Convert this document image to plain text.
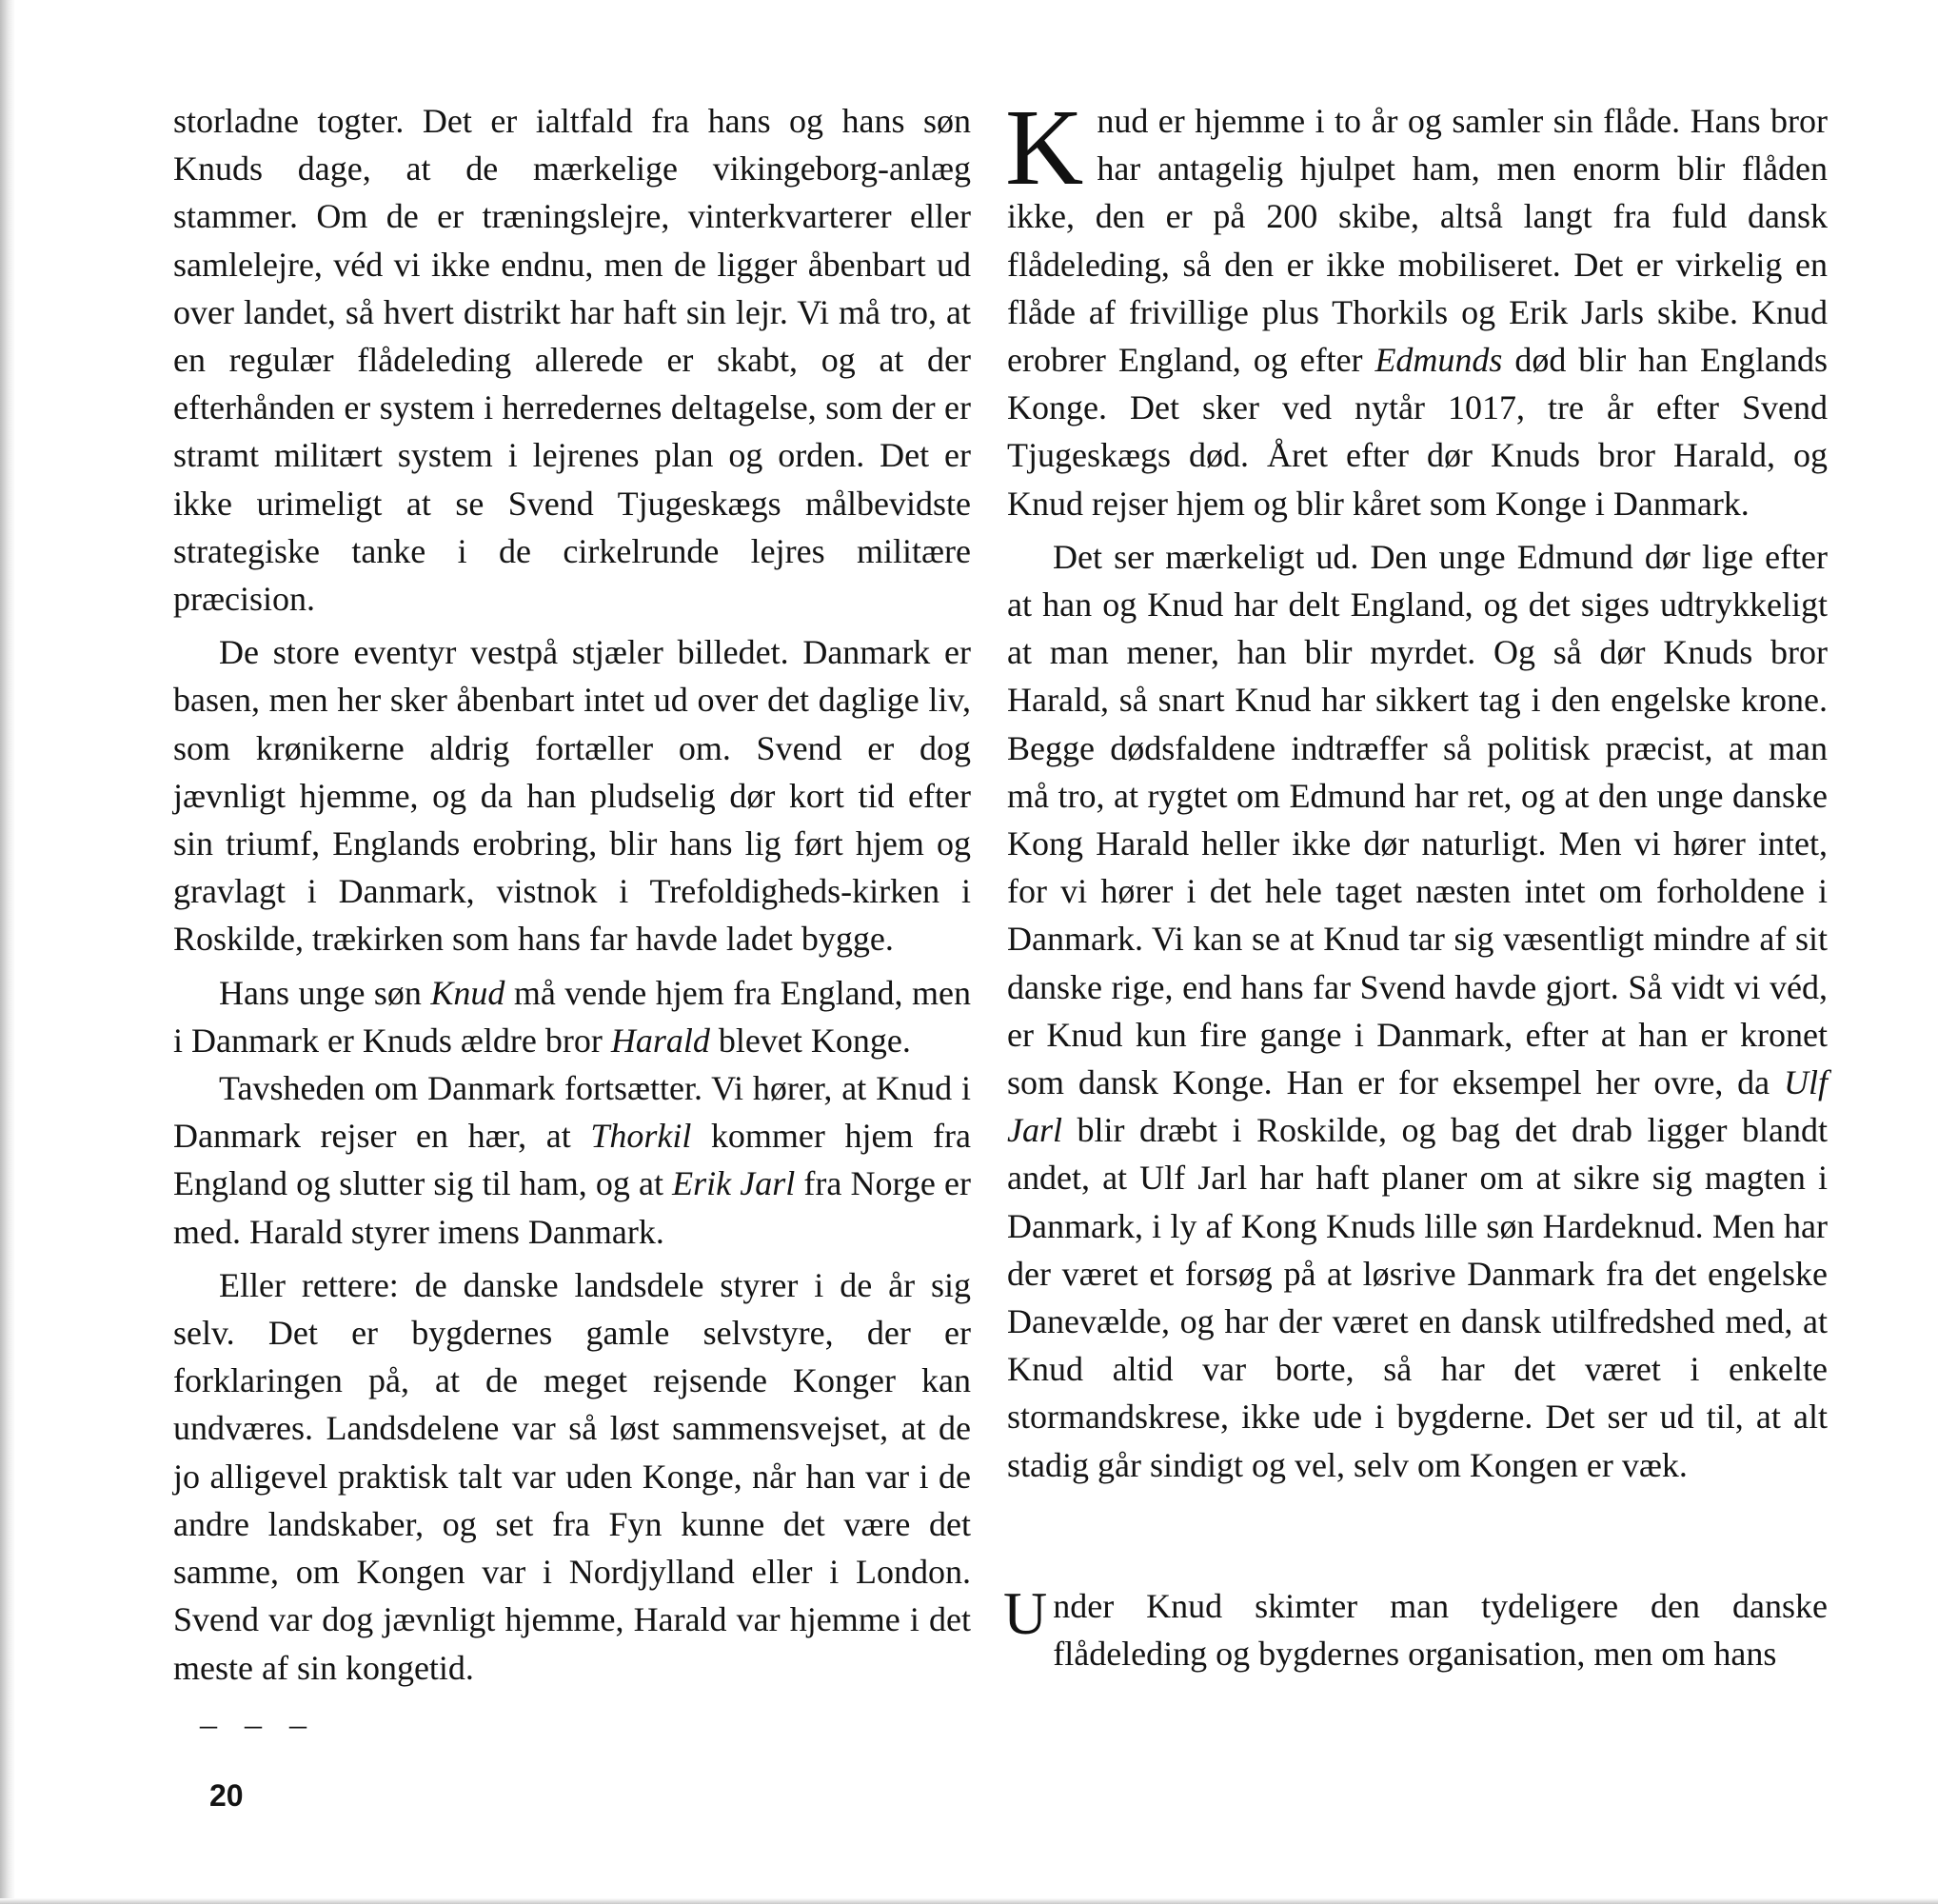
storladne togter. Det er ialtfald fra hans og hans søn Knuds dage, at de mærkelige vikingeborg-anlæg stammer. Om de er træningslejre, vinterkvarterer eller samlelejre, véd vi ikke endnu, men de ligger åbenbart ud over landet, så hvert distrikt har haft sin lejr. Vi må tro, at en regulær flådeleding allerede er skabt, og at der efterhånden er system i herredernes deltagelse, som der er stramt militært system i lejrenes plan og orden. Det er ikke urimeligt at se Svend Tjugeskægs målbevidste strategiske tanke i de cirkelrunde lejres militære præcision.

De store eventyr vestpå stjæler billedet. Danmark er basen, men her sker åbenbart intet ud over det daglige liv, som krønikerne aldrig fortæller om. Svend er dog jævnligt hjemme, og da han pludselig dør kort tid efter sin triumf, Englands erobring, blir hans lig ført hjem og gravlagt i Danmark, vistnok i Trefoldigheds-kirken i Roskilde, trækirken som hans far havde ladet bygge.

Hans unge søn Knud må vende hjem fra England, men i Danmark er Knuds ældre bror Harald blevet Konge.

Tavsheden om Danmark fortsætter. Vi hører, at Knud i Danmark rejser en hær, at Thorkil kommer hjem fra England og slutter sig til ham, og at Erik Jarl fra Norge er med. Harald styrer imens Danmark.

Eller rettere: de danske landsdele styrer i de år sig selv. Det er bygdernes gamle selvstyre, der er forklaringen på, at de meget rejsende Konger kan undværes. Landsdelene var så løst sammensvejset, at de jo alligevel praktisk talt var uden Konge, når han var i de andre landskaber, og set fra Fyn kunne det være det samme, om Kongen var i Nordjylland eller i London. Svend var dog jævnligt hjemme, Harald var hjemme i det meste af sin kongetid.

– – –

Knud er hjemme i to år og samler sin flåde. Hans bror har antagelig hjulpet ham, men enorm blir flåden ikke, den er på 200 skibe, altså langt fra fuld dansk flådeleding, så den er ikke mobiliseret. Det er virkelig en flåde af frivillige plus Thorkils og Erik Jarls skibe. Knud erobrer England, og efter Edmunds død blir han Englands Konge. Det sker ved nytår 1017, tre år efter Svend Tjugeskægs død. Året efter dør Knuds bror Harald, og Knud rejser hjem og blir kåret som Konge i Danmark.

Det ser mærkeligt ud. Den unge Edmund dør lige efter at han og Knud har delt England, og det siges udtrykkeligt at man mener, han blir myrdet. Og så dør Knuds bror Harald, så snart Knud har sikkert tag i den engelske krone. Begge dødsfaldene indtræffer så politisk præcist, at man må tro, at rygtet om Edmund har ret, og at den unge danske Kong Harald heller ikke dør naturligt. Men vi hører intet, for vi hører i det hele taget næsten intet om forholdene i Danmark. Vi kan se at Knud tar sig væsentligt mindre af sit danske rige, end hans far Svend havde gjort. Så vidt vi véd, er Knud kun fire gange i Danmark, efter at han er kronet som dansk Konge. Han er for eksempel her ovre, da Ulf Jarl blir dræbt i Roskilde, og bag det drab ligger blandt andet, at Ulf Jarl har haft planer om at sikre sig magten i Danmark, i ly af Kong Knuds lille søn Hardeknud. Men har der været et forsøg på at løsrive Danmark fra det engelske Danevælde, og har der været en dansk utilfredshed med, at Knud altid var borte, så har det været i enkelte stormandskrese, ikke ude i bygderne. Det ser ud til, at alt stadig går sindigt og vel, selv om Kongen er væk.

Under Knud skimter man tydeligere den danske flådeleding og bygdernes organisation, men om hans

20
